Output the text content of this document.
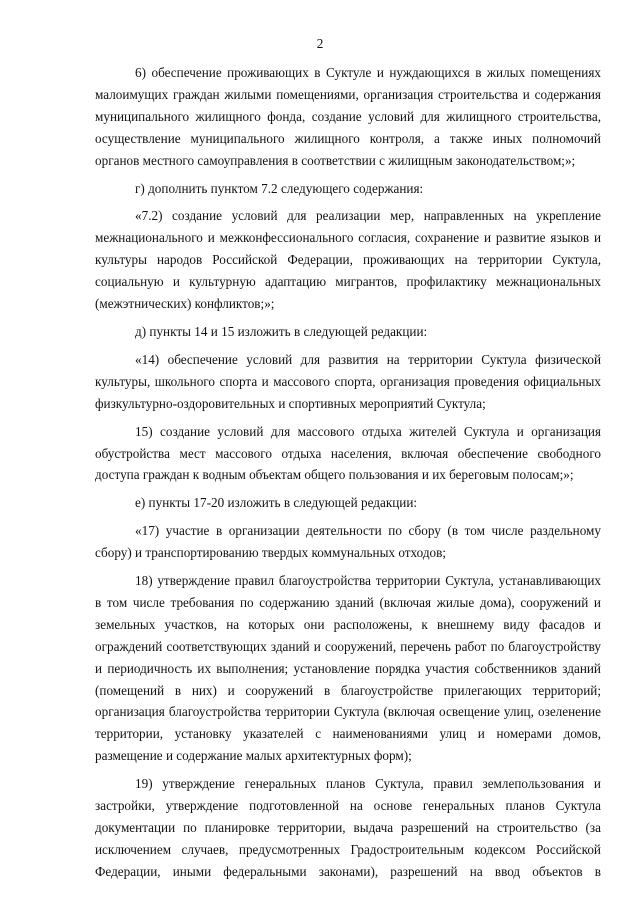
2

6) обеспечение проживающих в Суктуле и нуждающихся в жилых помещениях малоимущих граждан жилыми помещениями, организация строительства и содержания муниципального жилищного фонда, создание условий для жилищного строительства, осуществление муниципального жилищного контроля, а также иных полномочий органов местного самоуправления в соответствии с жилищным законодательством;»;

г) дополнить пунктом 7.2 следующего содержания:

«7.2) создание условий для реализации мер, направленных на укрепление межнационального и межконфессионального согласия, сохранение и развитие языков и культуры народов Российской Федерации, проживающих на территории Суктула, социальную и культурную адаптацию мигрантов, профилактику межнациональных (межэтнических) конфликтов;»;

д) пункты 14 и 15 изложить в следующей редакции:

«14) обеспечение условий для развития на территории Суктула физической культуры, школьного спорта и массового спорта, организация проведения официальных физкультурно-оздоровительных и спортивных мероприятий Суктула;

15) создание условий для массового отдыха жителей Суктула и организация обустройства мест массового отдыха населения, включая обеспечение свободного доступа граждан к водным объектам общего пользования и их береговым полосам;»;

е) пункты 17-20 изложить в следующей редакции:

«17) участие в организации деятельности по сбору (в том числе раздельному сбору) и транспортированию твердых коммунальных отходов;

18) утверждение правил благоустройства территории Суктула, устанавливающих в том числе требования по содержанию зданий (включая жилые дома), сооружений и земельных участков, на которых они расположены, к внешнему виду фасадов и ограждений соответствующих зданий и сооружений, перечень работ по благоустройству и периодичность их выполнения; установление порядка участия собственников зданий (помещений в них) и сооружений в благоустройстве прилегающих территорий; организация благоустройства территории Суктула (включая освещение улиц, озеленение территории, установку указателей с наименованиями улиц и номерами домов, размещение и содержание малых архитектурных форм);

19) утверждение генеральных планов Суктула, правил землепользования и застройки, утверждение подготовленной на основе генеральных планов Суктула документации по планировке территории, выдача разрешений на строительство (за исключением случаев, предусмотренных Градостроительным кодексом Российской Федерации, иными федеральными законами), разрешений на ввод объектов в
